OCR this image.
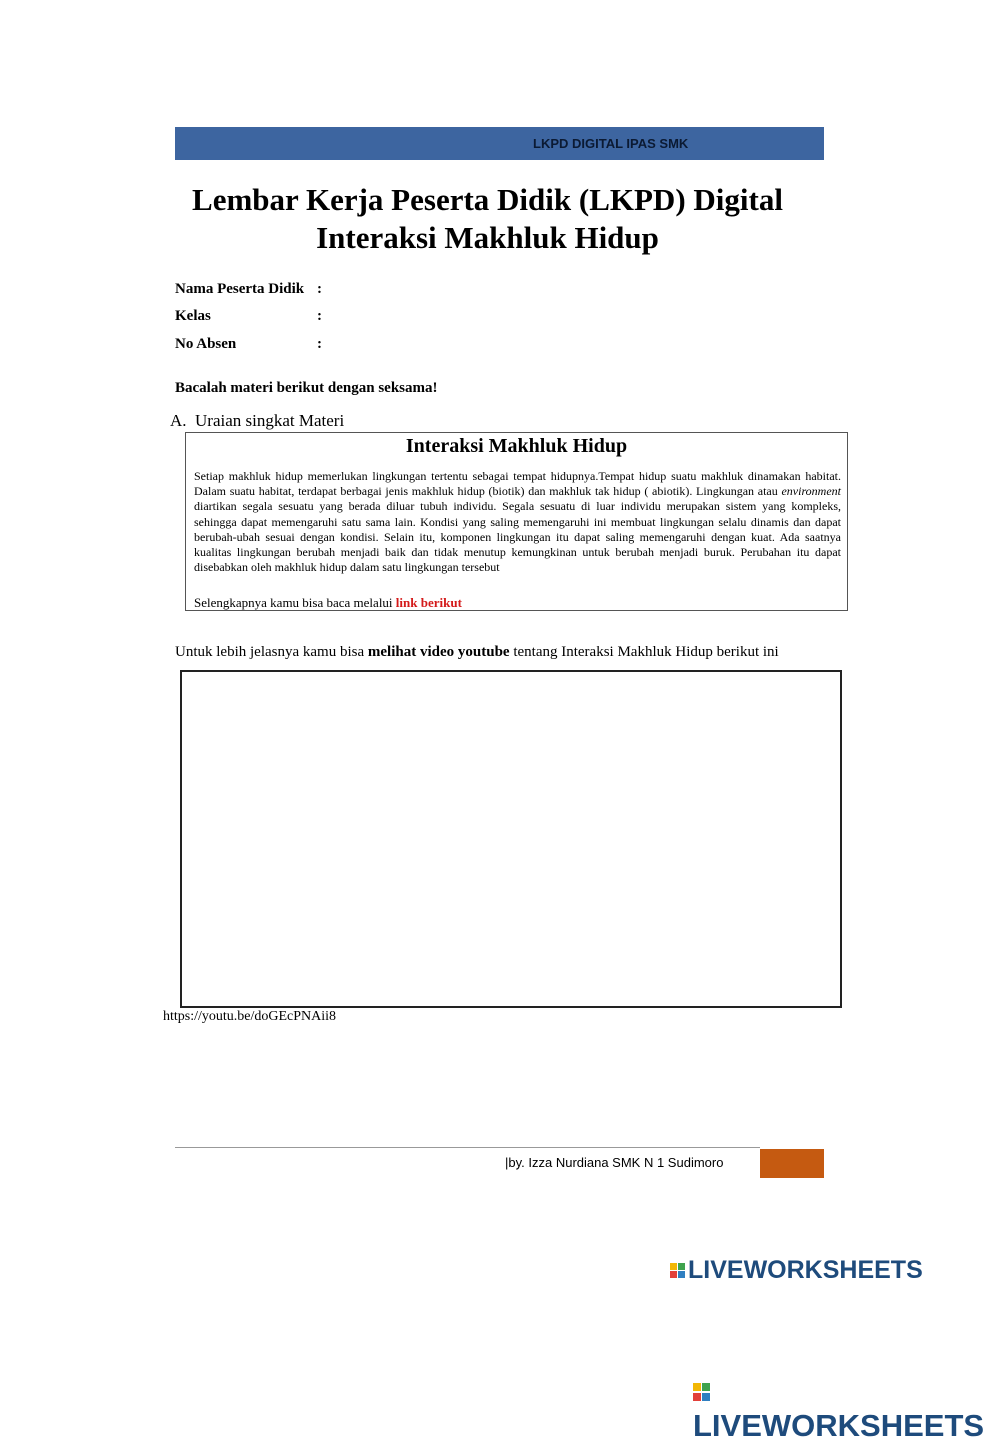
LKPD DIGITAL IPAS SMK
Lembar Kerja Peserta Didik (LKPD) Digital
Interaksi Makhluk Hidup
Nama Peserta Didik :
Kelas	:
No Absen	:
Bacalah materi berikut dengan seksama!
A. Uraian singkat Materi
Interaksi Makhluk Hidup
Setiap makhluk hidup memerlukan lingkungan tertentu sebagai tempat hidupnya.Tempat hidup suatu makhluk dinamakan habitat. Dalam suatu habitat, terdapat berbagai jenis makhluk hidup (biotik) dan makhluk tak hidup ( abiotik). Lingkungan atau environment diartikan segala sesuatu yang berada diluar tubuh individu. Segala sesuatu di luar individu merupakan sistem yang kompleks, sehingga dapat memengaruhi satu sama lain. Kondisi yang saling memengaruhi ini membuat lingkungan selalu dinamis dan dapat berubah-ubah sesuai dengan kondisi. Selain itu, komponen lingkungan itu dapat saling memengaruhi dengan kuat. Ada saatnya kualitas lingkungan berubah menjadi baik dan tidak menutup kemungkinan untuk berubah menjadi buruk. Perubahan itu dapat disebabkan oleh makhluk hidup dalam satu lingkungan tersebut
Selengkapnya kamu bisa baca melalui link berikut
Untuk lebih jelasnya kamu bisa melihat video youtube tentang Interaksi Makhluk Hidup berikut ini
https://youtu.be/doGEcPNAii8
|by. Izza Nurdiana SMK N 1 Sudimoro
LIVEWORKSHEETS
LIVEWORKSHEETS
